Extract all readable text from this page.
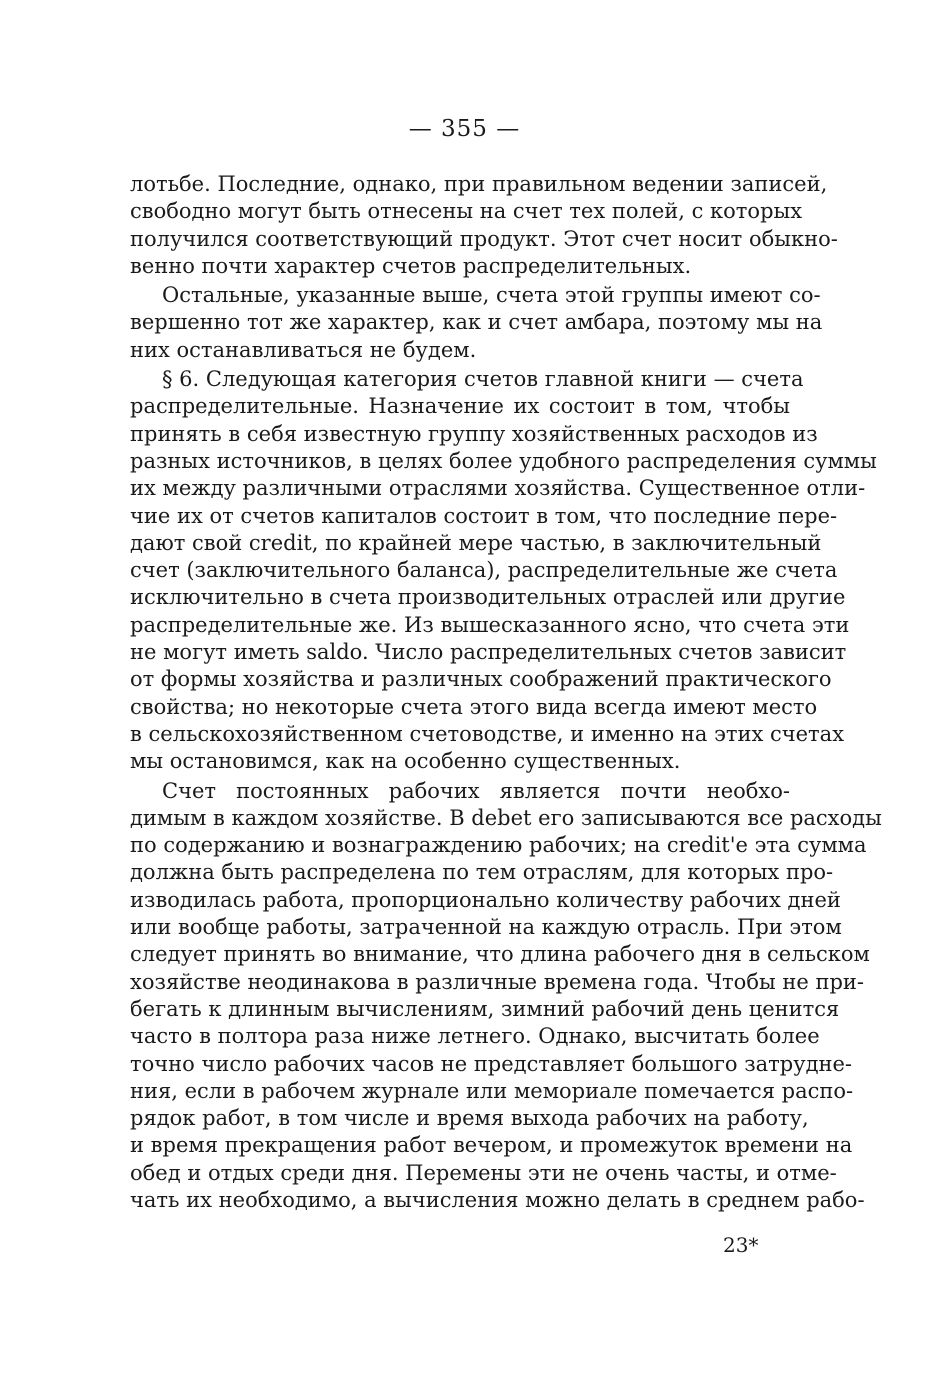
— 355 —
лотьбе. Последние, однако, при правильном ведении записей,
свободно могут быть отнесены на счет тех полей, с которых
получился соответствующий продукт. Этот счет носит обыкно-
венно почти характер счетов распределительных.
Остальные, указанные выше, счета этой группы имеют со-
вершенно тот же характер, как и счет амбара, поэтому мы на
них останавливаться не будем.
§ 6. Следующая категория счетов главной книги — счета
распределительные. Назначение их состоит в том, чтобы
принять в себя известную группу хозяйственных расходов из
разных источников, в целях более удобного распределения суммы
их между различными отраслями хозяйства. Существенное отли-
чие их от счетов капиталов состоит в том, что последние пере-
дают свой credit, по крайней мере частью, в заключительный
счет (заключительного баланса), распределительные же счета
исключительно в счета производительных отраслей или другие
распределительные же. Из вышесказанного ясно, что счета эти
не могут иметь saldo. Число распределительных счетов зависит
от формы хозяйства и различных соображений практического
свойства; но некоторые счета этого вида всегда имеют место
в сельскохозяйственном счетоводстве, и именно на этих счетах
мы остановимся, как на особенно существенных.
Счет постоянных рабочих является почти необхо-
димым в каждом хозяйстве. В debet его записываются все расходы
по содержанию и вознаграждению рабочих; на credit'е эта сумма
должна быть распределена по тем отраслям, для которых про-
изводилась работа, пропорционально количеству рабочих дней
или вообще работы, затраченной на каждую отрасль. При этом
следует принять во внимание, что длина рабочего дня в сельском
хозяйстве неодинакова в различные времена года. Чтобы не при-
бегать к длинным вычислениям, зимний рабочий день ценится
часто в полтора раза ниже летнего. Однако, высчитать более
точно число рабочих часов не представляет большого затрудне-
ния, если в рабочем журнале или мемориале помечается распо-
рядок работ, в том числе и время выхода рабочих на работу,
и время прекращения работ вечером, и промежуток времени на
обед и отдых среди дня. Перемены эти не очень часты, и отме-
чать их необходимо, а вычисления можно делать в среднем рабо-
23*
